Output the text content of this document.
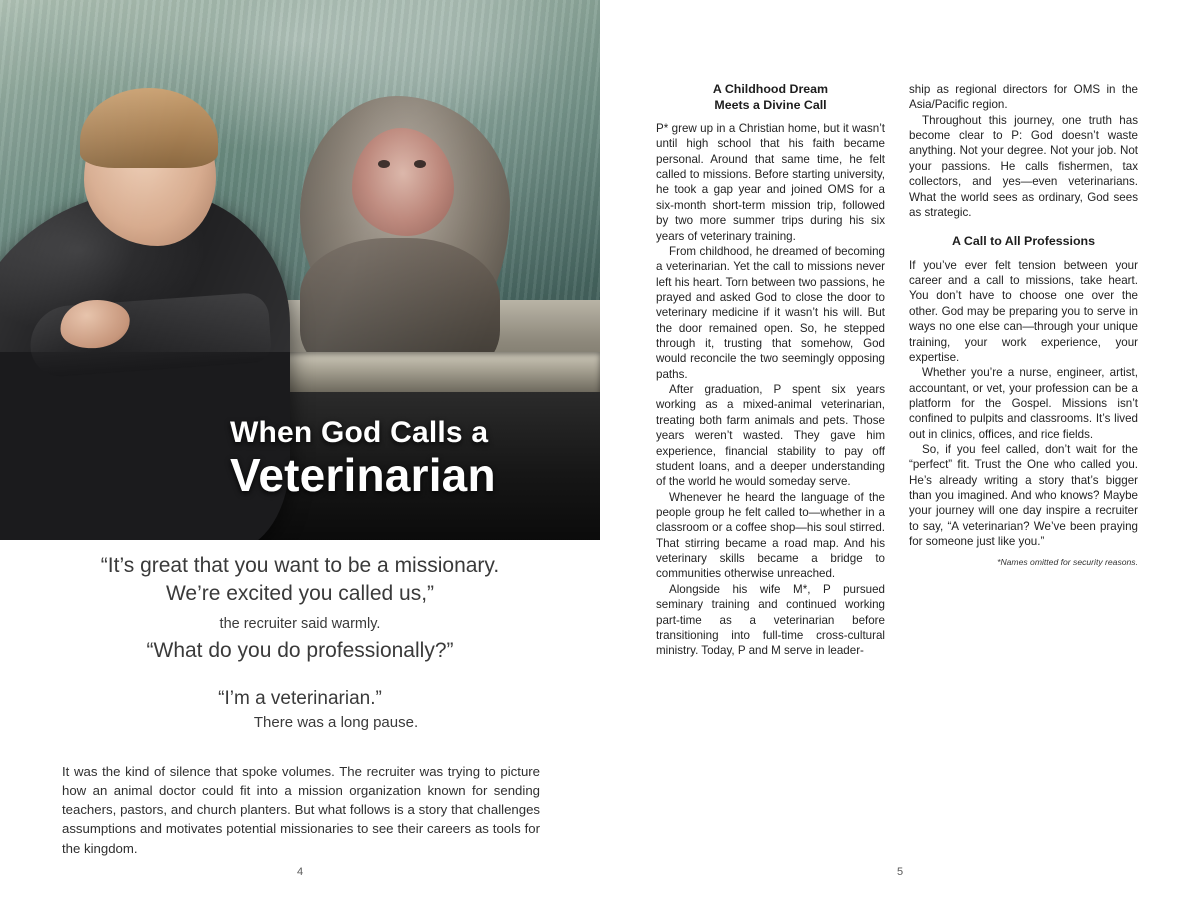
When God Calls a
Veterinarian
“It’s great that you want to be a missionary.
We’re excited you called us,”
the recruiter said warmly.
“What do you do professionally?”
“I’m a veterinarian.”
There was a long pause.
It was the kind of silence that spoke volumes. The recruiter was trying to picture how an animal doctor could fit into a mission organization known for sending teachers, pastors, and church planters. But what follows is a story that challenges assumptions and motivates potential missionaries to see their careers as tools for the kingdom.
4
A Childhood Dream
Meets a Divine Call

P* grew up in a Christian home, but it wasn’t until high school that his faith became personal. Around that same time, he felt called to missions. Before starting university, he took a gap year and joined OMS for a six-month short-term mission trip, followed by two more summer trips during his six years of veterinary training.

From childhood, he dreamed of becoming a veterinarian. Yet the call to missions never left his heart. Torn between two passions, he prayed and asked God to close the door to veterinary medicine if it wasn’t his will. But the door remained open. So, he stepped through it, trusting that somehow, God would reconcile the two seemingly opposing paths.

After graduation, P spent six years working as a mixed-animal veterinarian, treating both farm animals and pets. Those years weren’t wasted. They gave him experience, financial stability to pay off student loans, and a deeper understanding of the world he would someday serve.

Whenever he heard the language of the people group he felt called to—whether in a classroom or a coffee shop—his soul stirred. That stirring became a road map. And his veterinary skills became a bridge to communities otherwise unreached.

Alongside his wife M*, P pursued seminary training and continued working part-time as a veterinarian before transitioning into full-time cross-cultural ministry. Today, P and M serve in leader-

ship as regional directors for OMS in the Asia/Pacific region.

Throughout this journey, one truth has become clear to P: God doesn’t waste anything. Not your degree. Not your job. Not your passions. He calls fishermen, tax collectors, and yes—even veterinarians. What the world sees as ordinary, God sees as strategic.

A Call to All Professions

If you’ve ever felt tension between your career and a call to missions, take heart. You don’t have to choose one over the other. God may be preparing you to serve in ways no one else can—through your unique training, your work experience, your expertise.

Whether you’re a nurse, engineer, artist, accountant, or vet, your profession can be a platform for the Gospel. Missions isn’t confined to pulpits and classrooms. It’s lived out in clinics, offices, and rice fields.

So, if you feel called, don’t wait for the “perfect” fit. Trust the One who called you. He’s already writing a story that’s bigger than you imagined. And who knows? Maybe your journey will one day inspire a recruiter to say, “A veterinarian? We’ve been praying for someone just like you.”

*Names omitted for security reasons.
5
